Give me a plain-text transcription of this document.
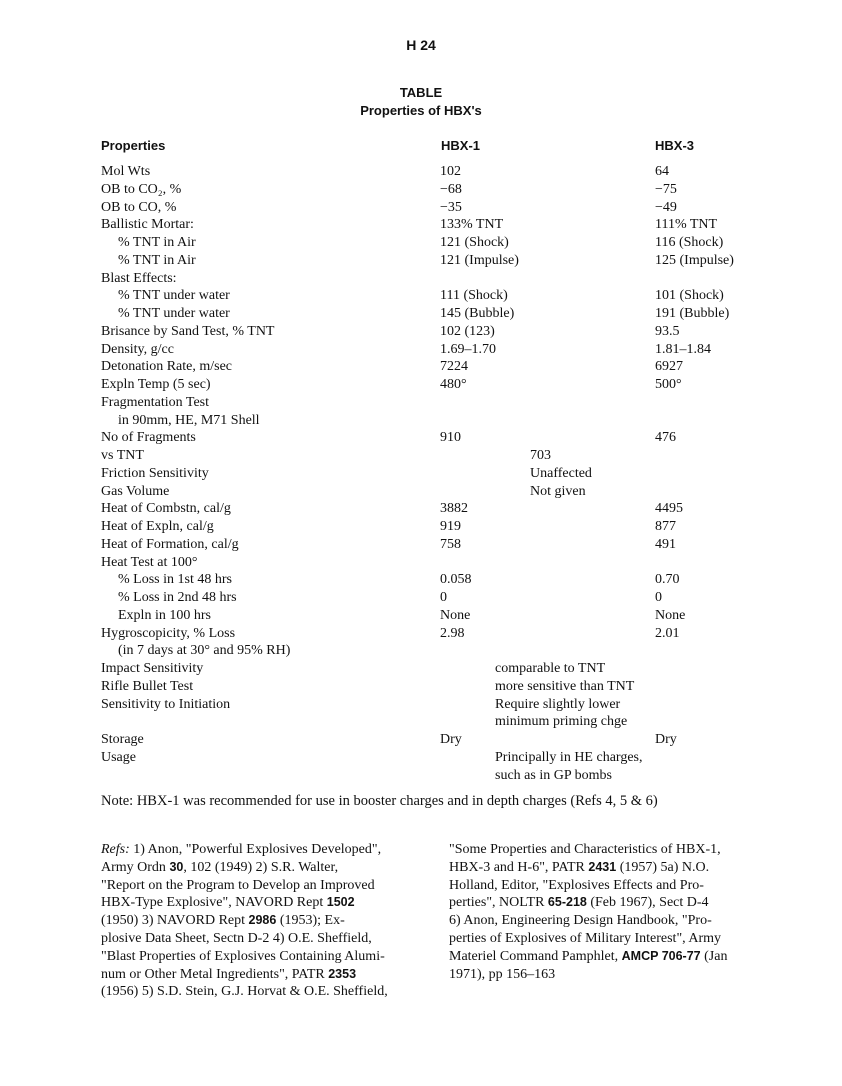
H 24
TABLE
Properties of HBX's
Properties	HBX-1	HBX-3
Mol Wts	102	64
OB to CO₂, %	−68	−75
OB to CO, %	−35	−49
Ballistic Mortar:	133% TNT	111% TNT
% TNT in Air	121 (Shock)	116 (Shock)
% TNT in Air	121 (Impulse)	125 (Impulse)
Blast Effects:
% TNT under water	111 (Shock)	101 (Shock)
% TNT under water	145 (Bubble)	191 (Bubble)
Brisance by Sand Test, % TNT	102 (123)	93.5
Density, g/cc	1.69–1.70	1.81–1.84
Detonation Rate, m/sec	7224	6927
Expln Temp (5 sec)	480°	500°
Fragmentation Test
in 90mm, HE, M71 Shell
No of Fragments	910	476
vs TNT	703
Friction Sensitivity	Unaffected
Gas Volume	Not given
Heat of Combstn, cal/g	3882	4495
Heat of Expln, cal/g	919	877
Heat of Formation, cal/g	758	491
Heat Test at 100°
% Loss in 1st 48 hrs	0.058	0.70
% Loss in 2nd 48 hrs	0	0
Expln in 100 hrs	None	None
Hygroscopicity, % Loss	2.98	2.01
(in 7 days at 30° and 95% RH)
Impact Sensitivity	comparable to TNT
Rifle Bullet Test	more sensitive than TNT
Sensitivity to Initiation	Require slightly lower
minimum priming chge
Storage	Dry	Dry
Usage	Principally in HE charges,
such as in GP bombs
Note: HBX-1 was recommended for use in booster charges and in depth charges (Refs 4, 5 & 6)
Refs: 1) Anon, "Powerful Explosives Developed",
Army Ordn 30, 102 (1949) 2) S.R. Walter,
"Report on the Program to Develop an Improved
HBX-Type Explosive", NAVORD Rept 1502
(1950) 3) NAVORD Rept 2986 (1953); Ex-
plosive Data Sheet, Sectn D-2 4) O.E. Sheffield,
"Blast Properties of Explosives Containing Alumi-
num or Other Metal Ingredients", PATR 2353
(1956) 5) S.D. Stein, G.J. Horvat & O.E. Sheffield,
"Some Properties and Characteristics of HBX-1,
HBX-3 and H-6", PATR 2431 (1957) 5a) N.O.
Holland, Editor, "Explosives Effects and Pro-
perties", NOLTR 65-218 (Feb 1967), Sect D-4
6) Anon, Engineering Design Handbook, "Pro-
perties of Explosives of Military Interest", Army
Materiel Command Pamphlet, AMCP 706-77 (Jan
1971), pp 156–163
